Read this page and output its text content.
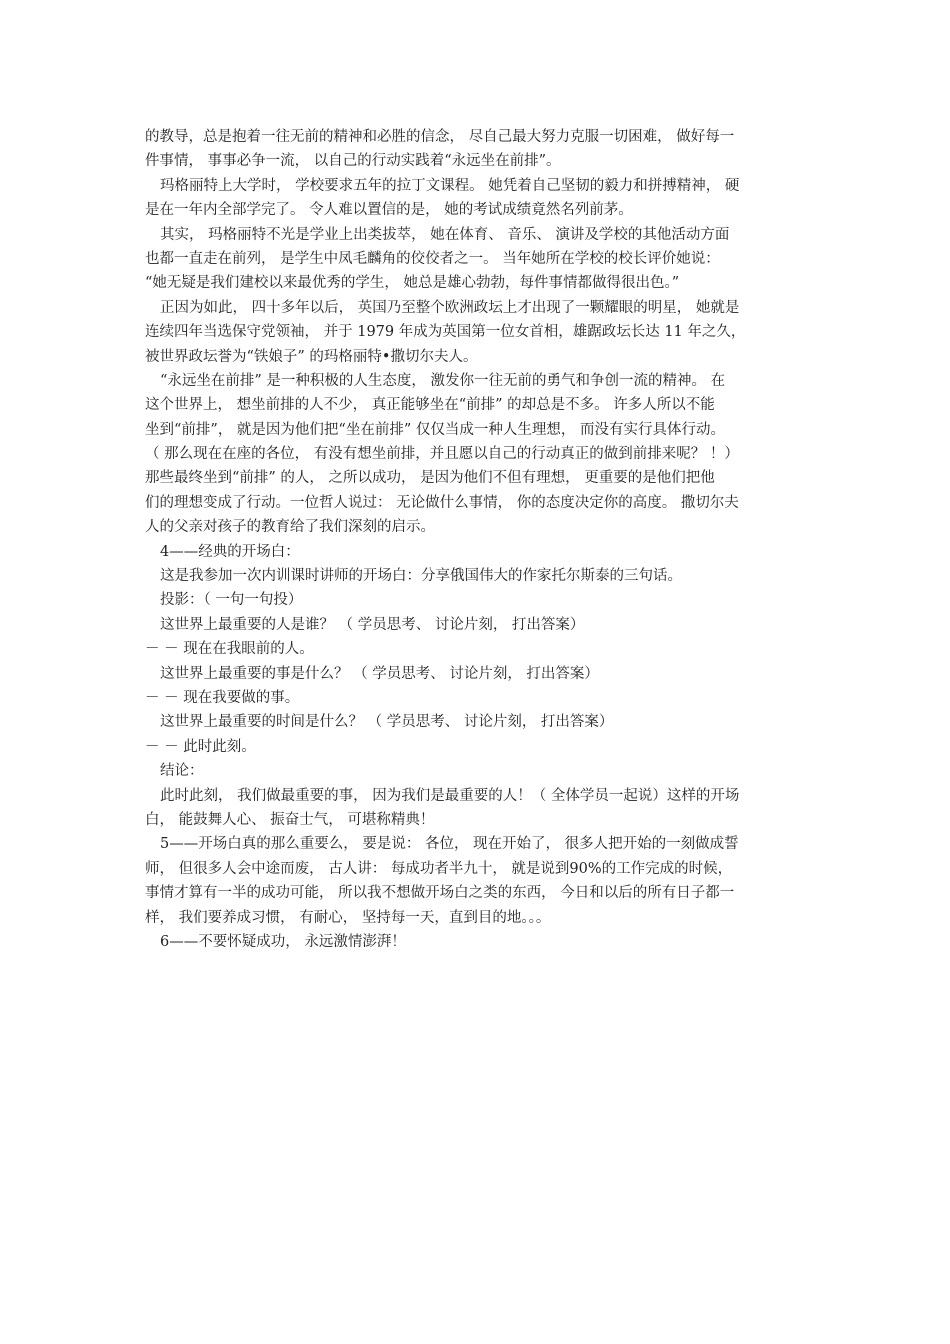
的教导，总是抱着一往无前的精神和必胜的信念， 尽自己最大努力克服一切困难， 做好每一
件事情， 事事必争一流， 以自己的行动实践着“永远坐在前排”。
玛格丽特上大学时， 学校要求五年的拉丁文课程。 她凭着自己坚韧的毅力和拼搏精神， 硬
是在一年内全部学完了。 令人难以置信的是， 她的考试成绩竟然名列前茅。
其实， 玛格丽特不光是学业上出类拔萃， 她在体育、 音乐、 演讲及学校的其他活动方面
也都一直走在前列， 是学生中凤毛麟角的佼佼者之一。 当年她所在学校的校长评价她说：
“她无疑是我们建校以来最优秀的学生， 她总是雄心勃勃，每件事情都做得很出色。”
正因为如此， 四十多年以后， 英国乃至整个欧洲政坛上才出现了一颗耀眼的明星， 她就是
连续四年当选保守党领袖， 并于 1979 年成为英国第一位女首相，雄踞政坛长达 11 年之久，
被世界政坛誉为“铁娘子” 的玛格丽特•撒切尔夫人。
“永远坐在前排” 是一种积极的人生态度， 激发你一往无前的勇气和争创一流的精神。 在
这个世界上， 想坐前排的人不少， 真正能够坐在“前排” 的却总是不多。 许多人所以不能
坐到“前排”， 就是因为他们把“坐在前排” 仅仅当成一种人生理想， 而没有实行具体行动。
（ 那么现在在座的各位， 有没有想坐前排，并且愿以自己的行动真正的做到前排来呢？ ！）
那些最终坐到“前排” 的人， 之所以成功， 是因为他们不但有理想， 更重要的是他们把他
们的理想变成了行动。一位哲人说过： 无论做什么事情， 你的态度决定你的高度。 撒切尔夫
人的父亲对孩子的教育给了我们深刻的启示。
4——经典的开场白：
这是我参加一次内训课时讲师的开场白：分享俄国伟大的作家托尔斯泰的三句话。
投影：（ 一句一句投）
这世界上最重要的人是谁？ （ 学员思考、 讨论片刻， 打出答案）
－ － 现在在我眼前的人。
这世界上最重要的事是什么？ （ 学员思考、 讨论片刻， 打出答案）
－ － 现在我要做的事。
这世界上最重要的时间是什么？ （ 学员思考、 讨论片刻， 打出答案）
－ － 此时此刻。
结论：
此时此刻， 我们做最重要的事， 因为我们是最重要的人！（ 全体学员一起说）这样的开场
白， 能鼓舞人心、 振奋士气， 可堪称精典！
5——开场白真的那么重要么， 要是说： 各位， 现在开始了， 很多人把开始的一刻做成誓
师， 但很多人会中途而废， 古人讲： 每成功者半九十， 就是说到90%的工作完成的时候，
事情才算有一半的成功可能， 所以我不想做开场白之类的东西， 今日和以后的所有日子都一
样， 我们要养成习惯， 有耐心， 坚持每一天，直到目的地。。。
6——不要怀疑成功， 永远激情澎湃！
